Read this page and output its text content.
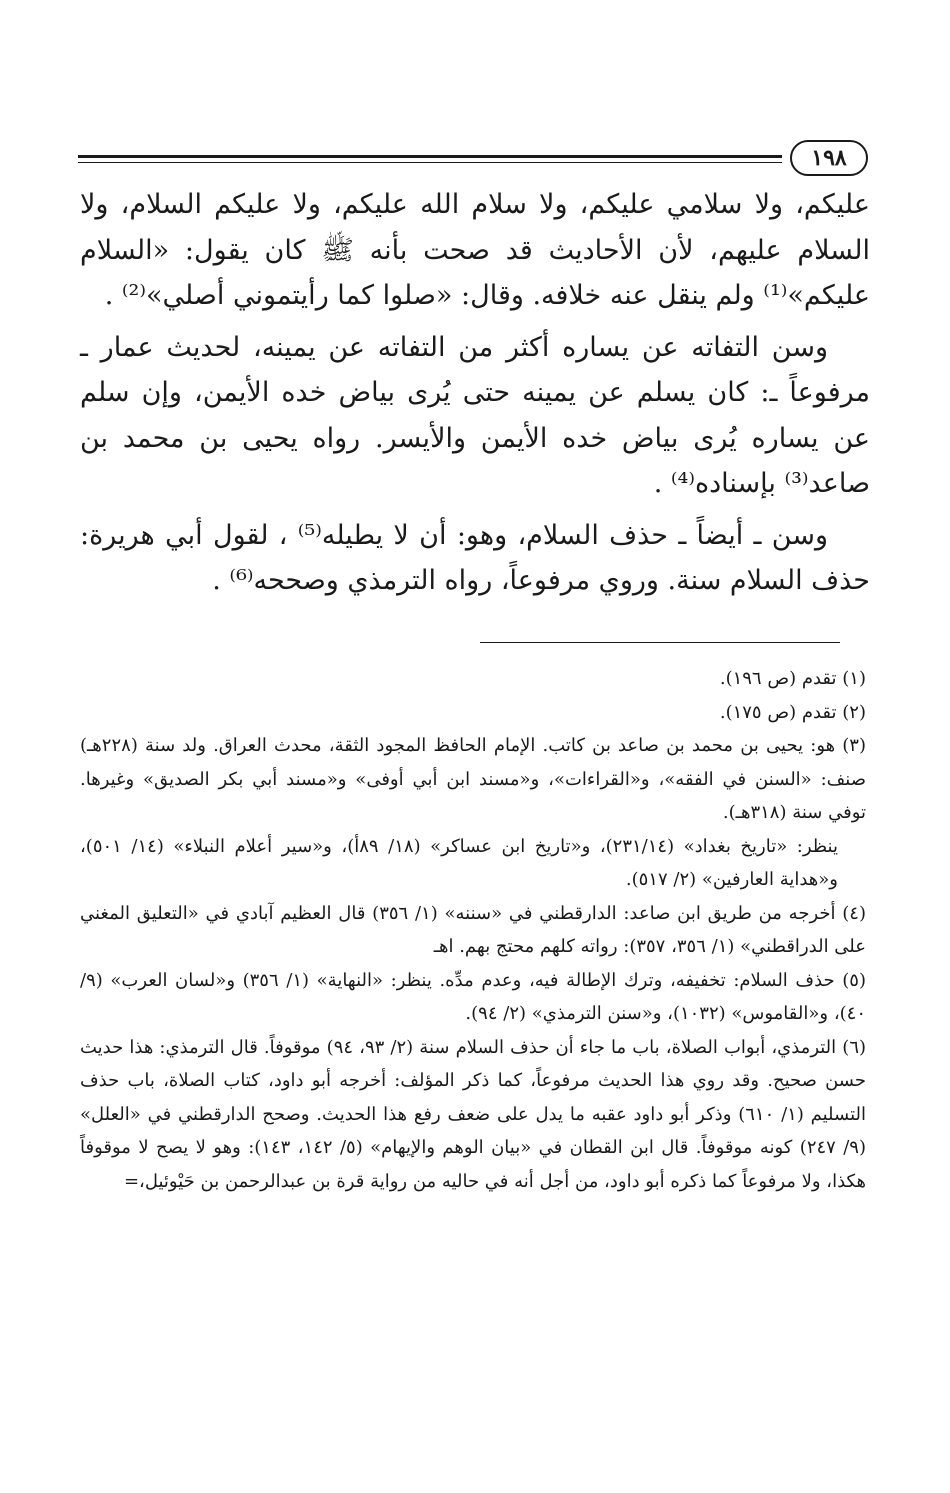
١٩٨

عليكم، ولا سلامي عليكم، ولا سلام الله عليكم، ولا عليكم السلام، ولا السلام عليهم، لأن الأحاديث قد صحت بأنه ﷺ كان يقول: «السلام عليكم»⁽¹⁾ ولم ينقل عنه خلافه. وقال: «صلوا كما رأيتموني أصلي»⁽²⁾ .

وسن التفاته عن يساره أكثر من التفاته عن يمينه، لحديث عمار ـ مرفوعاً ـ: كان يسلم عن يمينه حتى يُرى بياض خده الأيمن، وإن سلم عن يساره يُرى بياض خده الأيمن والأيسر. رواه يحيى بن محمد بن صاعد⁽³⁾ بإسناده⁽⁴⁾ .

وسن ـ أيضاً ـ حذف السلام، وهو: أن لا يطيله⁽⁵⁾ ، لقول أبي هريرة: حذف السلام سنة. وروي مرفوعاً، رواه الترمذي وصححه⁽⁶⁾ .

(١) تقدم (ص ١٩٦).

(٢) تقدم (ص ١٧٥).

(٣) هو: يحيى بن محمد بن صاعد بن كاتب. الإمام الحافظ المجود الثقة، محدث العراق. ولد سنة (٢٢٨هـ) صنف: «السنن في الفقه»، و«القراءات»، و«مسند ابن أبي أوفى» و«مسند أبي بكر الصديق» وغيرها. توفي سنة (٣١٨هـ).

ينظر: «تاريخ بغداد» (٢٣١/١٤)، و«تاريخ ابن عساكر» (١٨/ ٨٩أ)، و«سير أعلام النبلاء» (١٤/ ٥٠١)، و«هداية العارفين» (٢/ ٥١٧).

(٤) أخرجه من طريق ابن صاعد: الدارقطني في «سننه» (١/ ٣٥٦) قال العظيم آبادي في «التعليق المغني على الدراقطني» (١/ ٣٥٦، ٣٥٧): رواته كلهم محتج بهم. اهـ

(٥) حذف السلام: تخفيفه، وترك الإطالة فيه، وعدم مدِّه. ينظر: «النهاية» (١/ ٣٥٦) و«لسان العرب» (٩/ ٤٠)، و«القاموس» (١٠٣٢)، و«سنن الترمذي» (٢/ ٩٤).

(٦) الترمذي، أبواب الصلاة، باب ما جاء أن حذف السلام سنة (٢/ ٩٣، ٩٤) موقوفاً. قال الترمذي: هذا حديث حسن صحيح. وقد روي هذا الحديث مرفوعاً، كما ذكر المؤلف: أخرجه أبو داود، كتاب الصلاة، باب حذف التسليم (١/ ٦١٠) وذكر أبو داود عقبه ما يدل على ضعف رفع هذا الحديث. وصحح الدارقطني في «العلل» (٩/ ٢٤٧) كونه موقوفاً. قال ابن القطان في «بيان الوهم والإيهام» (٥/ ١٤٢، ١٤٣): وهو لا يصح لا موقوفاً هكذا، ولا مرفوعاً كما ذكره أبو داود، من أجل أنه في حاليه من رواية قرة بن عبدالرحمن بن حَيْوئيل،=
